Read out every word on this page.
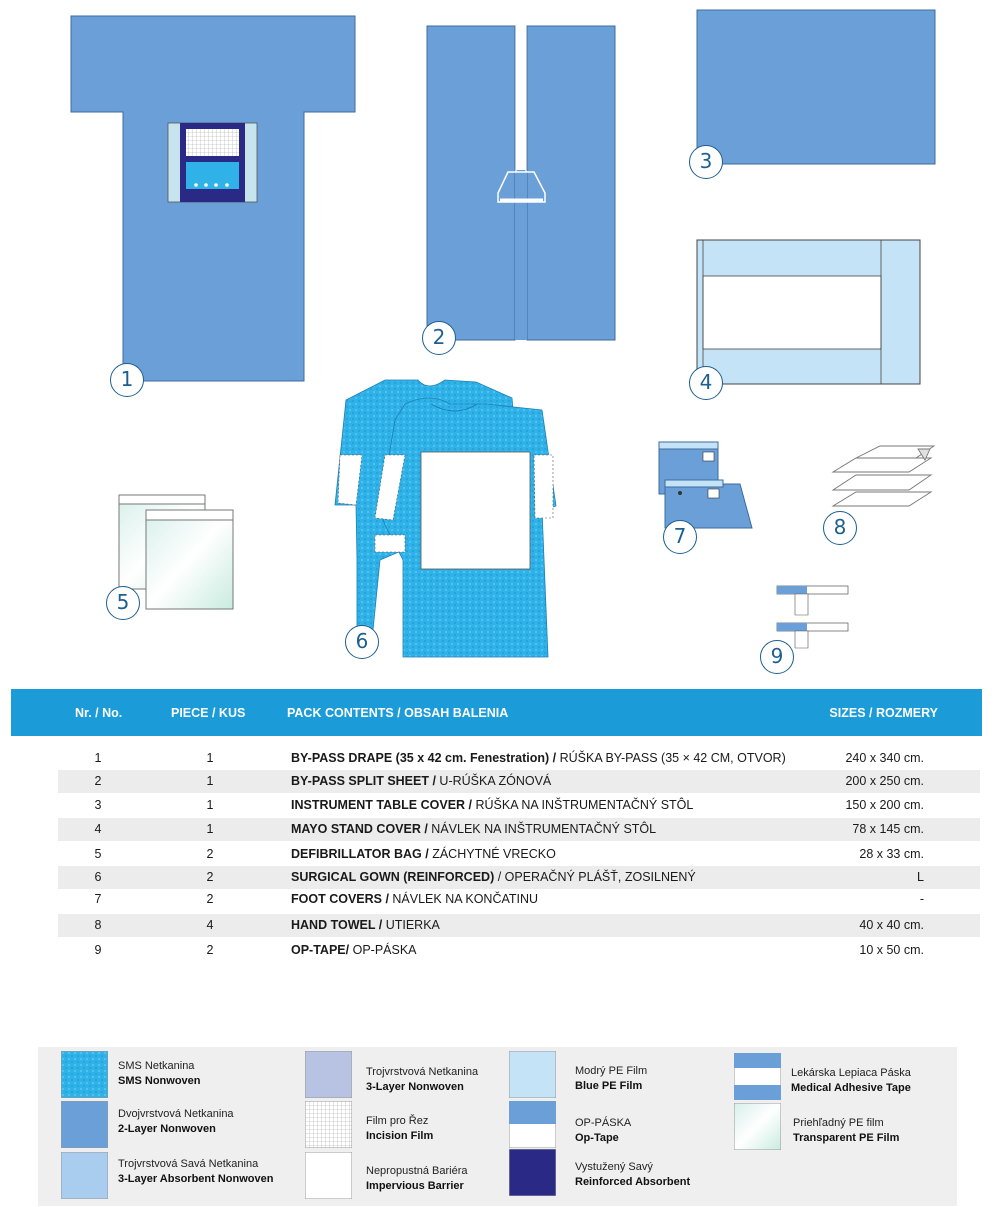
1
2
3
4
5
6
7	8
9
Nr. / No.	PIECE / KUS	PACK CONTENTS / OBSAH BALENIA	SIZES / ROZMERY
1	1	BY-PASS DRAPE (35 x 42 cm. Fenestration) / RÚŠKA BY-PASS (35 × 42 CM, OTVOR)	240 x 340 cm.
2	1	BY-PASS SPLIT SHEET / U-RÚŠKA ZÓNOVÁ	200 x 250 cm.
3	1	INSTRUMENT TABLE COVER / RÚŠKA NA INŠTRUMENTAČNÝ STÔL	150 x 200 cm.
4	1	MAYO STAND COVER / NÁVLEK NA INŠTRUMENTAČNÝ STÔL	78 x 145 cm.
5	2	DEFIBRILLATOR BAG / ZÁCHYTNÉ VRECKO	28 x 33 cm.
6	2	SURGICAL GOWN (REINFORCED) / OPERAČNÝ PLÁŠŤ, ZOSILNENÝ	L
7	2	FOOT COVERS / NÁVLEK NA KONČATINU	-
8	4	HAND TOWEL / UTIERKA	40 x 40 cm.
9	2	OP-TAPE/ OP-PÁSKA	10 x 50 cm.
SMS Netkanina
SMS Nonwoven
Dvojvrstvová Netkanina
2-Layer Nonwoven
Trojvrstvová Savá Netkanina
3-Layer Absorbent Nonwoven
Trojvrstvová Netkanina
3-Layer Nonwoven
Film pro Řez
Incision Film
Nepropustná Bariéra
Impervious Barrier
Modrý PE Film
Blue PE Film
OP-PÁSKA
Op-Tape
Vystužený Savý
Reinforced Absorbent
Lekárska Lepiaca Páska
Medical Adhesive Tape
Priehľadný PE film
Transparent PE Film
